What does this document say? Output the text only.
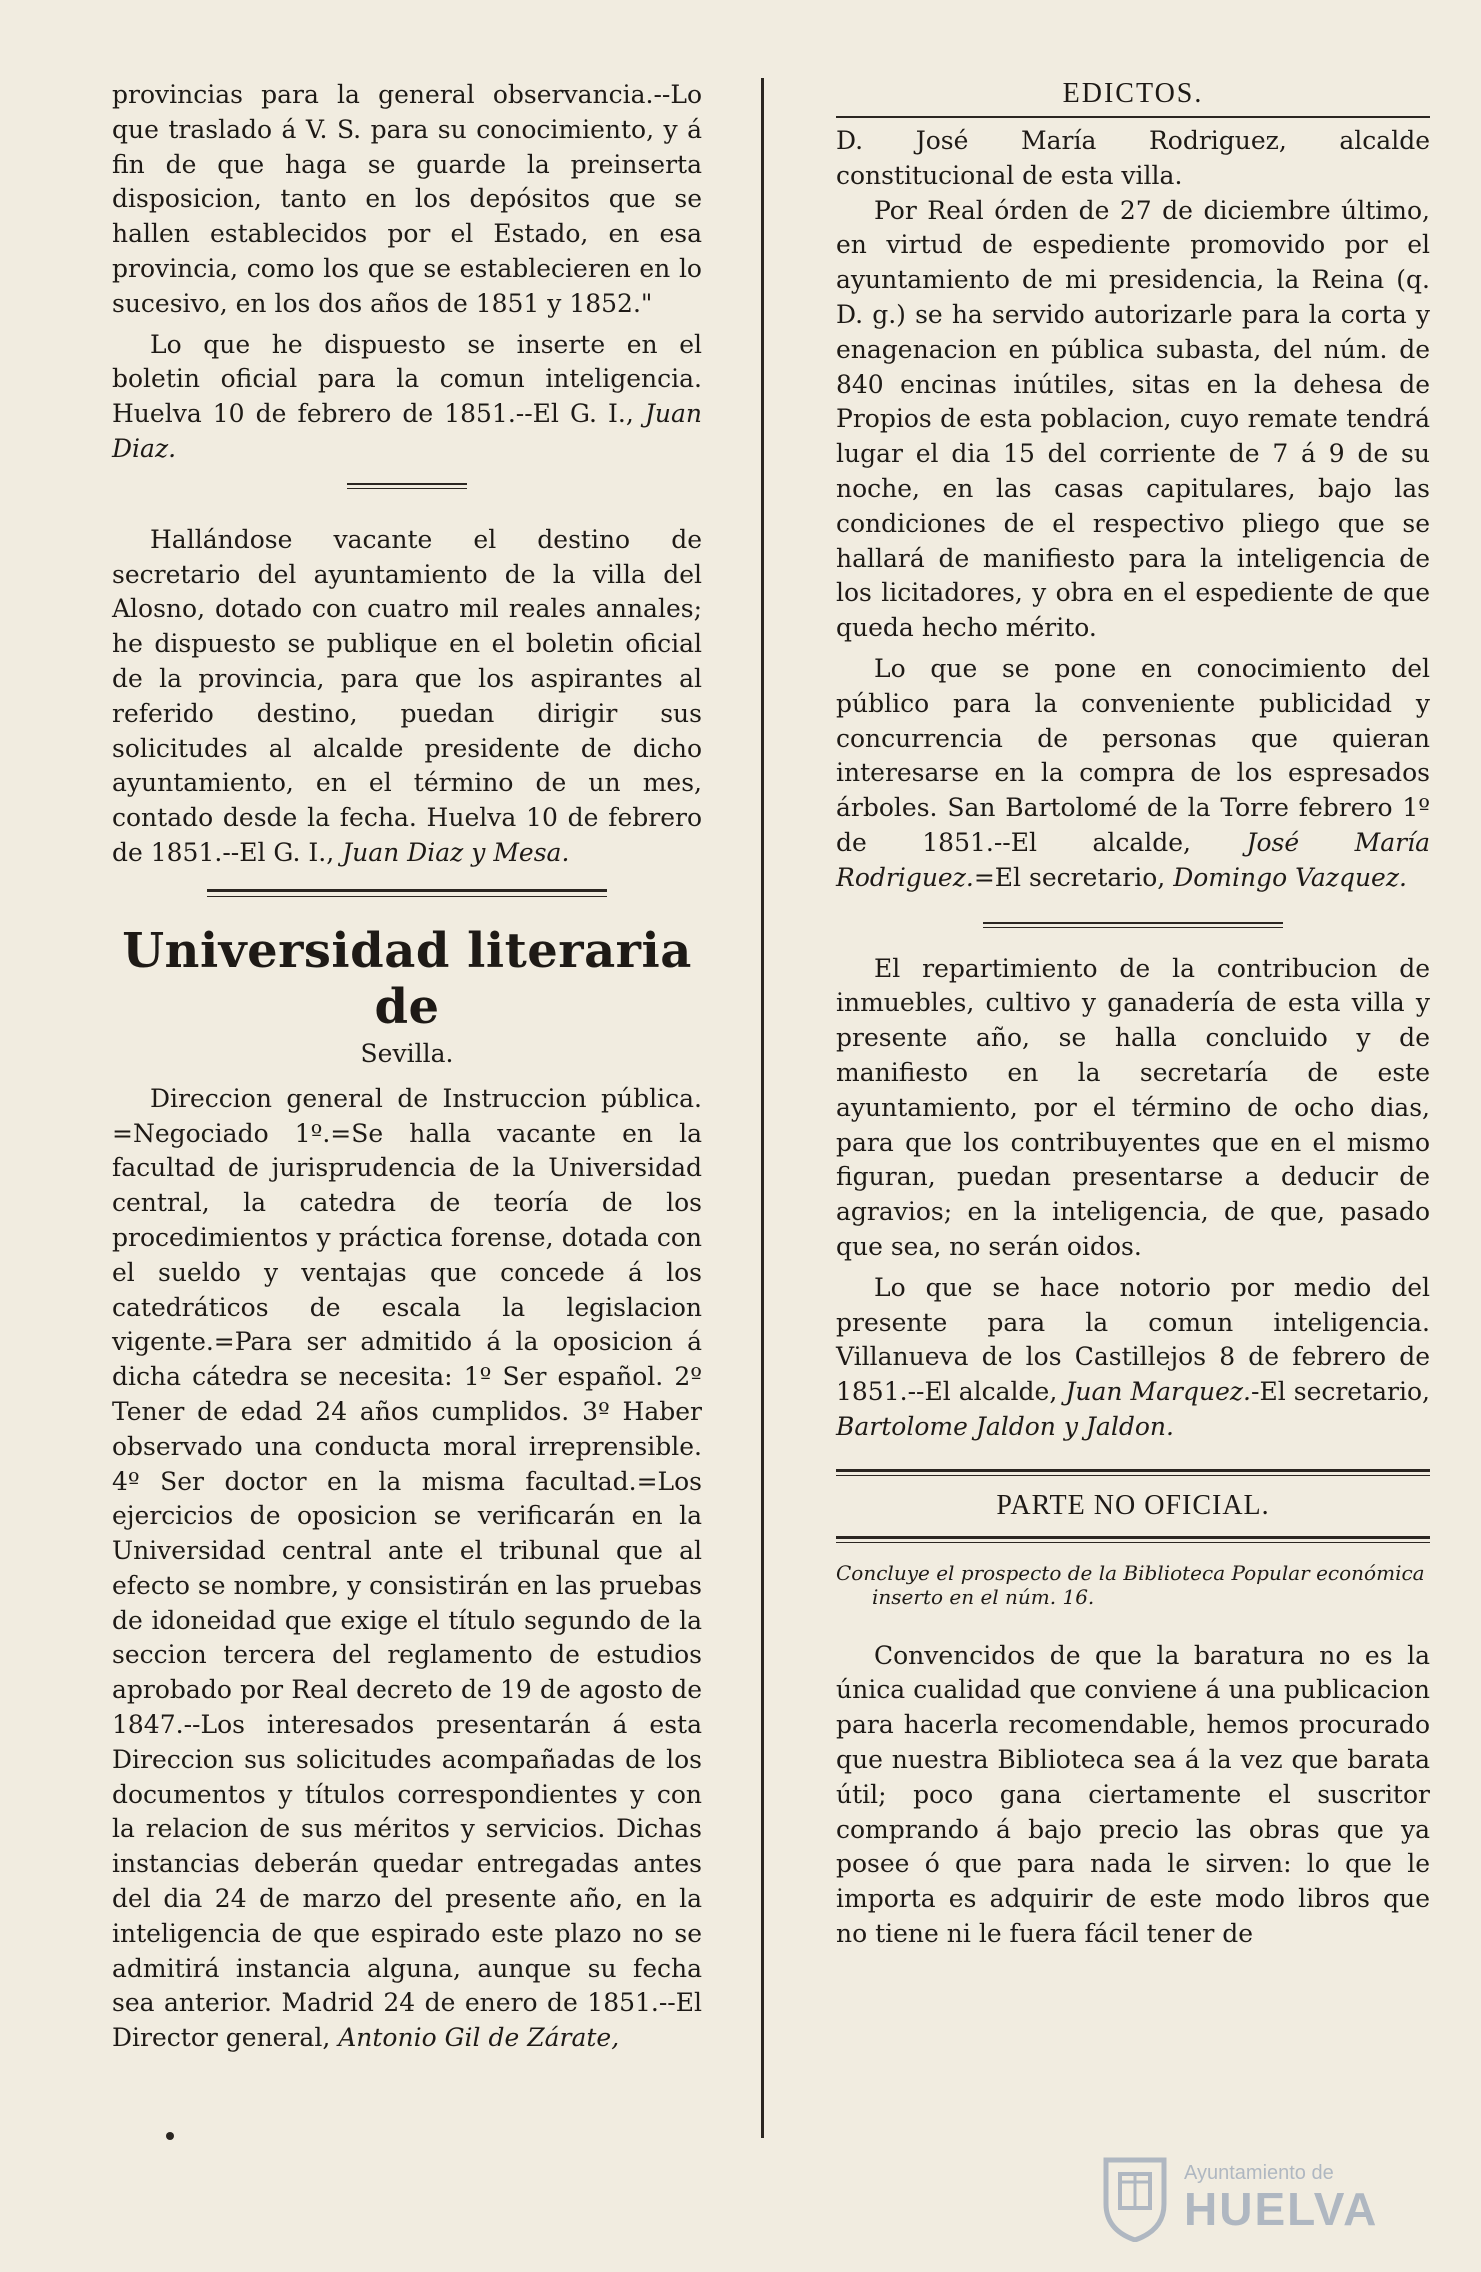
provincias para la general observancia.--Lo que traslado á V. S. para su conocimiento, y á fin de que haga se guarde la preinserta disposicion, tanto en los depósitos que se hallen establecidos por el Estado, en esa provincia, como los que se establecieren en lo sucesivo, en los dos años de 1851 y 1852."

Lo que he dispuesto se inserte en el boletin oficial para la comun inteligencia. Huelva 10 de febrero de 1851.--El G. I., Juan Diaz.

Hallándose vacante el destino de secretario del ayuntamiento de la villa del Alosno, dotado con cuatro mil reales annales; he dispuesto se publique en el boletin oficial de la provincia, para que los aspirantes al referido destino, puedan dirigir sus solicitudes al alcalde presidente de dicho ayuntamiento, en el término de un mes, contado desde la fecha. Huelva 10 de febrero de 1851.--El G. I., Juan Diaz y Mesa.

Universidad literaria de
Sevilla.

Direccion general de Instruccion pública. =Negociado 1º.=Se halla vacante en la facultad de jurisprudencia de la Universidad central, la catedra de teoría de los procedimientos y práctica forense, dotada con el sueldo y ventajas que concede á los catedráticos de escala la legislacion vigente.=Para ser admitido á la oposicion á dicha cátedra se necesita: 1º Ser español. 2º Tener de edad 24 años cumplidos. 3º Haber observado una conducta moral irreprensible. 4º Ser doctor en la misma facultad.=Los ejercicios de oposicion se verificarán en la Universidad central ante el tribunal que al efecto se nombre, y consistirán en las pruebas de idoneidad que exige el título segundo de la seccion tercera del reglamento de estudios aprobado por Real decreto de 19 de agosto de 1847.--Los interesados presentarán á esta Direccion sus solicitudes acompañadas de los documentos y títulos correspondientes y con la relacion de sus méritos y servicios. Dichas instancias deberán quedar entregadas antes del dia 24 de marzo del presente año, en la inteligencia de que espirado este plazo no se admitirá instancia alguna, aunque su fecha sea anterior. Madrid 24 de enero de 1851.--El Director general, Antonio Gil de Zárate,

EDICTOS.

D. José María Rodriguez, alcalde constitucional de esta villa.

Por Real órden de 27 de diciembre último, en virtud de espediente promovido por el ayuntamiento de mi presidencia, la Reina (q. D. g.) se ha servido autorizarle para la corta y enagenacion en pública subasta, del núm. de 840 encinas inútiles, sitas en la dehesa de Propios de esta poblacion, cuyo remate tendrá lugar el dia 15 del corriente de 7 á 9 de su noche, en las casas capitulares, bajo las condiciones de el respectivo pliego que se hallará de manifiesto para la inteligencia de los licitadores, y obra en el espediente de que queda hecho mérito.

Lo que se pone en conocimiento del público para la conveniente publicidad y concurrencia de personas que quieran interesarse en la compra de los espresados árboles. San Bartolomé de la Torre febrero 1º de 1851.--El alcalde, José María Rodriguez.=El secretario, Domingo Vazquez.

El repartimiento de la contribucion de inmuebles, cultivo y ganadería de esta villa y presente año, se halla concluido y de manifiesto en la secretaría de este ayuntamiento, por el término de ocho dias, para que los contribuyentes que en el mismo figuran, puedan presentarse a deducir de agravios; en la inteligencia, de que, pasado que sea, no serán oidos.

Lo que se hace notorio por medio del presente para la comun inteligencia. Villanueva de los Castillejos 8 de febrero de 1851.--El alcalde, Juan Marquez.-El secretario, Bartolome Jaldon y Jaldon.

PARTE NO OFICIAL.
Concluye el prospecto de la Biblioteca Popular económica
inserto en el núm. 16.

Convencidos de que la baratura no es la única cualidad que conviene á una publicacion para hacerla recomendable, hemos procurado que nuestra Biblioteca sea á la vez que barata útil; poco gana ciertamente el suscritor comprando á bajo precio las obras que ya posee ó que para nada le sirven: lo que le importa es adquirir de este modo libros que no tiene ni le fuera fácil tener de

Ayuntamiento de
HUELVA
